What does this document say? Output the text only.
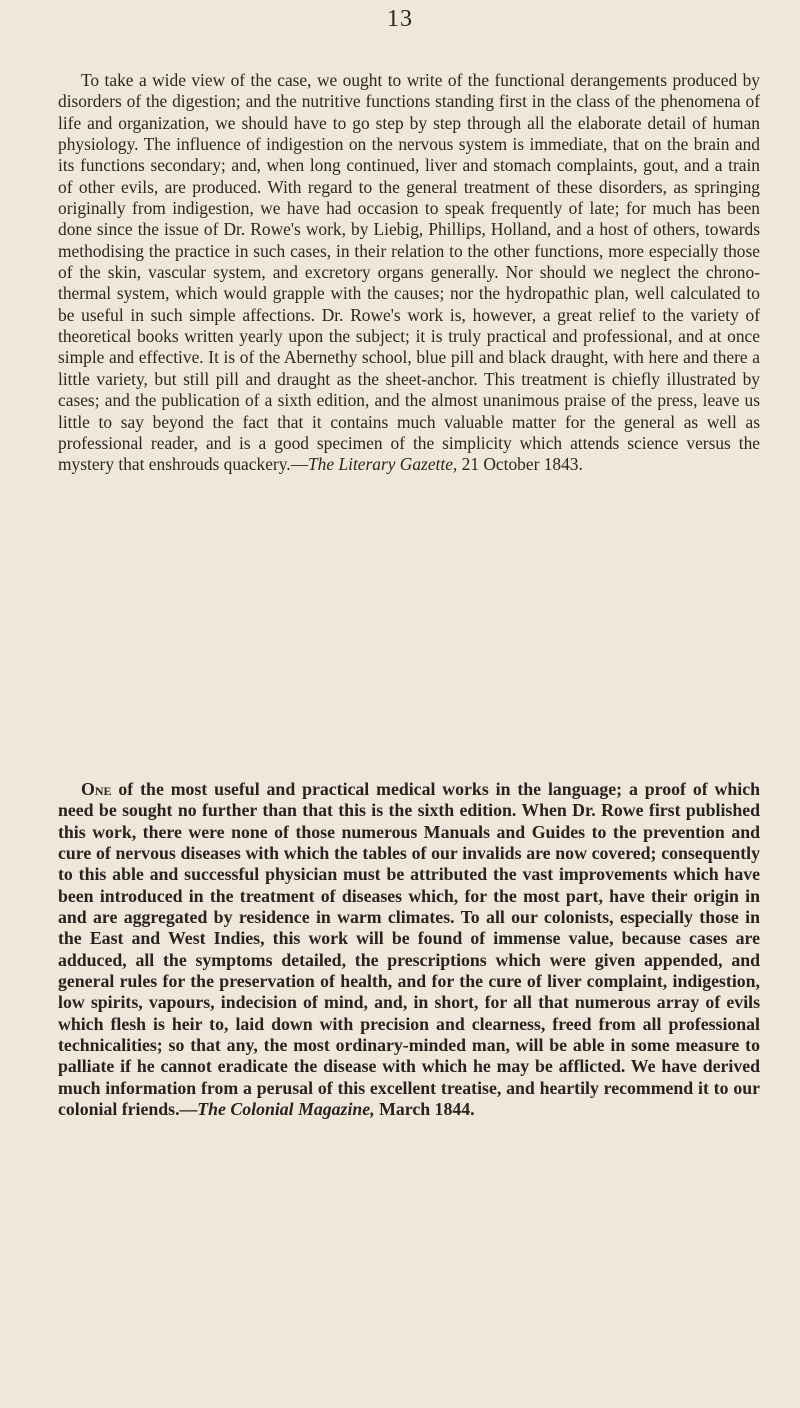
13

To take a wide view of the case, we ought to write of the functional derangements produced by disorders of the digestion; and the nutritive functions standing first in the class of the phenomena of life and organization, we should have to go step by step through all the elaborate detail of human physiology. The influence of indigestion on the nervous system is immediate, that on the brain and its functions secondary; and, when long continued, liver and stomach complaints, gout, and a train of other evils, are produced. With regard to the general treatment of these disorders, as springing originally from indigestion, we have had occasion to speak frequently of late; for much has been done since the issue of Dr. Rowe's work, by Liebig, Phillips, Holland, and a host of others, towards methodising the practice in such cases, in their relation to the other functions, more especially those of the skin, vascular system, and excretory organs generally. Nor should we neglect the chrono-thermal system, which would grapple with the causes; nor the hydropathic plan, well calculated to be useful in such simple affections. Dr. Rowe's work is, however, a great relief to the variety of theoretical books written yearly upon the subject; it is truly practical and professional, and at once simple and effective. It is of the Abernethy school, blue pill and black draught, with here and there a little variety, but still pill and draught as the sheet-anchor. This treatment is chiefly illustrated by cases; and the publication of a sixth edition, and the almost unanimous praise of the press, leave us little to say beyond the fact that it contains much valuable matter for the general as well as professional reader, and is a good specimen of the simplicity which attends science versus the mystery that enshrouds quackery.—The Literary Gazette, 21 October 1843.

One of the most useful and practical medical works in the language; a proof of which need be sought no further than that this is the sixth edition. When Dr. Rowe first published this work, there were none of those numerous Manuals and Guides to the prevention and cure of nervous diseases with which the tables of our invalids are now covered; consequently to this able and successful physician must be attributed the vast improvements which have been introduced in the treatment of diseases which, for the most part, have their origin in and are aggregated by residence in warm climates. To all our colonists, especially those in the East and West Indies, this work will be found of immense value, because cases are adduced, all the symptoms detailed, the prescriptions which were given appended, and general rules for the preservation of health, and for the cure of liver complaint, indigestion, low spirits, vapours, indecision of mind, and, in short, for all that numerous array of evils which flesh is heir to, laid down with precision and clearness, freed from all professional technicalities; so that any, the most ordinary-minded man, will be able in some measure to palliate if he cannot eradicate the disease with which he may be afflicted. We have derived much information from a perusal of this excellent treatise, and heartily recommend it to our colonial friends.—The Colonial Magazine, March 1844.
